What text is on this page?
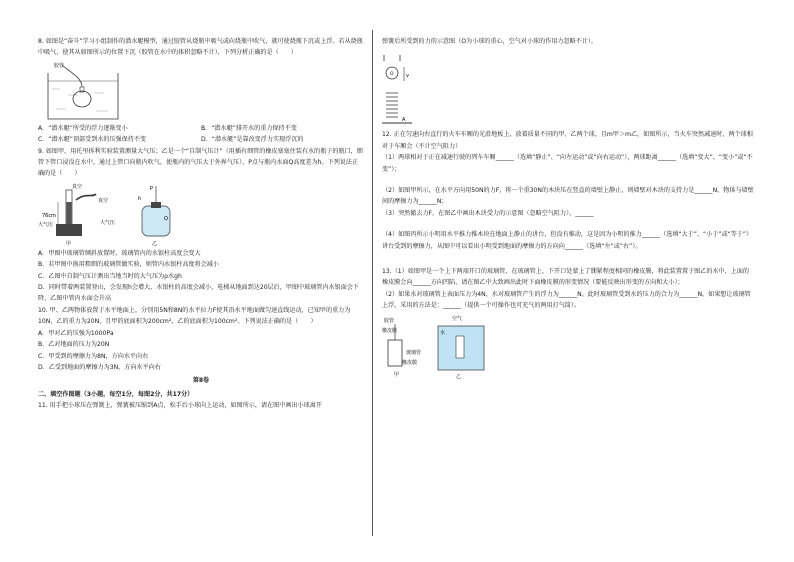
8. 如图是“奋斗”学习小组制作的潜水艇模型，通过胶管从烧瓶中吸气或向烧瓶中吹气，就可使烧瓶下沉或上浮。若从烧瓶中吸气，使其从如图所示的位置下沉（胶管在水中的体积忽略不计），下列分析正确的是（　　）

胶管
A．“潜水艇”所受的浮力逐渐变小	B．“潜水艇”排开水的重力保持不变
C．“潜水艇”顶部受到水的压强保持不变	D．“潜水艇”是靠改变浮力实现浮沉的

9. 如图甲，用托里拆利实验装置测量大气压；乙是一个“自制气压计”（用插有细管的橡皮塞塞住装有水的瓶子的瓶口，细管下管口浸没在水中，通过上管口向瓶内吹气，使瓶内的气压大于外界气压），P点与瓶内水面Q高度差为h。下列说法正确的是（　　）

真空
76cm
大气压
甲
真空
大气压
P
h
Q
乙
A．甲图中玻璃管倾斜放置时，玻璃管内的水银柱高度会变大
B．若甲图中换用粗细的玻璃管做实验，则管内水银柱高度将会减小
C．乙图中自制气压计测出当地当时的大气压为ρ水gh
D．同时带着两装置登山，会发现h会增大，水银柱的高度会减小，电梯从地面到达20层后，甲图中玻璃管内水银面会下降，乙图中管内水面会升高

10. 甲、乙两物体放置于水平地面上，分别用5N和8N的水平拉力F使其沿水平地面做匀速直线运动，已知甲的重力为10N，乙的重力为20N，且甲的底面积为200cm²，乙的底面积为100cm²。下列说法正确的是（　　）

A．甲对乙的压强为1000Pa
B．乙对地面的压力为20N
C．甲受到的摩擦力为8N，方向水平向右
D．乙受到地面的摩擦力为3N，方向水平向右
第Ⅱ卷
二、填空作图题（3小题，每空1分，每图2分，共17分）

11. 用手把小球压在弹簧上，弹簧被压缩到A点，松手后小球向上运动，如图所示，请在图中画出小球离开

弹簧后所受到的力的示意图（O为小球的重心，空气对小球的作用力忽略不计）。

O v
A

12. 正在匀速向右直行的火车车厢的光滑地板上，放着质量不同的甲、乙两个球，且m甲＞m乙，如图所示，当火车突然减速时，两个球相对于车厢会（不计空气阻力）

（1）两球相对于正在减速行驶的列车车厢______（选填“静止”、“向左运动”或“向右运动”），两球距离______（选填“变大”、“变小”或“不变”）；

（2）如图甲所示，在水平方向用50N的力F，将一个重30N的木块压在竖直的墙壁上静止，则墙壁对木块的支持力是______N，物体与墙壁间的摩擦力为______N；

（3）突然撤去力F，在图乙中画出木块受力的示意图（忽略空气阻力）。______

（4）如图丙所示小明用水平推力推木块在地面上静止的讲台，但没有推动，这是因为小明的推力______（选填“大于”、“小于”或“等于”）讲台受到的摩擦力，从图中可以看出小明受到地面的摩擦力的方向向______（选填“左”或“右”）。

13.（1）如图甲是一个上下两端开口的玻璃管，在玻璃管上、下开口处蒙上了绷紧程度相同的橡皮膜，将此装置置于图乙的水中，上面的橡皮膜会向______方向凹陷，请在图乙中大致画出此时下面橡皮膜的形变情况（要能反映出形变的方向和大小）；

（2）如果水对玻璃管上表面压力为4N，水对玻璃管产生的浮力为______N。此时玻璃管受到水的压力的合力为______N，如果想让玻璃管上浮，采用的方法是：______（提供一个可操作也可充气的两用打气筒）。

胶管
橡皮膜
玻璃管
橡皮膜
甲
空气
水
乙
